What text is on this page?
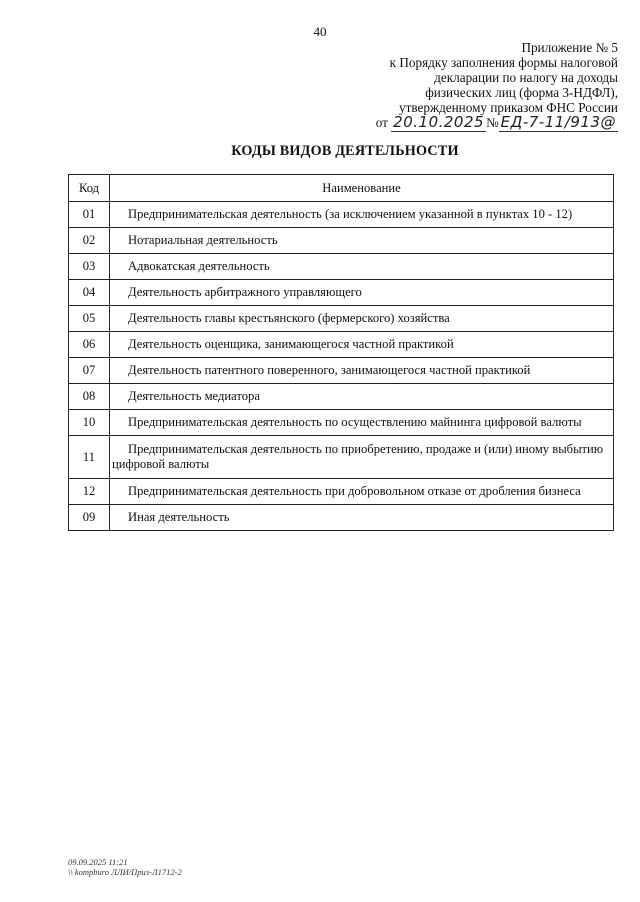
40
Приложение № 5
к Порядку заполнения формы налоговой
декларации по налогу на доходы
физических лиц (форма 3-НДФЛ),
утвержденному приказом ФНС России
от 20.10.2025 № ЕД-7-11/913@
КОДЫ ВИДОВ ДЕЯТЕЛЬНОСТИ
Код	Наименование
01	Предпринимательская деятельность (за исключением указанной в пунктах 10 - 12)
02	Нотариальная деятельность
03	Адвокатская деятельность
04	Деятельность арбитражного управляющего
05	Деятельность главы крестьянского (фермерского) хозяйства
06	Деятельность оценщика, занимающегося частной практикой
07	Деятельность патентного поверенного, занимающегося частной практикой
08	Деятельность медиатора
10	Предпринимательская деятельность по осуществлению майнинга цифровой валюты
11	Предпринимательская деятельность по приобретению, продаже и (или) иному выбытию
цифровой валюты

12	Предпринимательская деятельность при добровольном отказе от дробления бизнеса
09	Иная деятельность
09.09.2025 11:21
\\ kompburo ЛЛИ/Приз-Л1712-2
